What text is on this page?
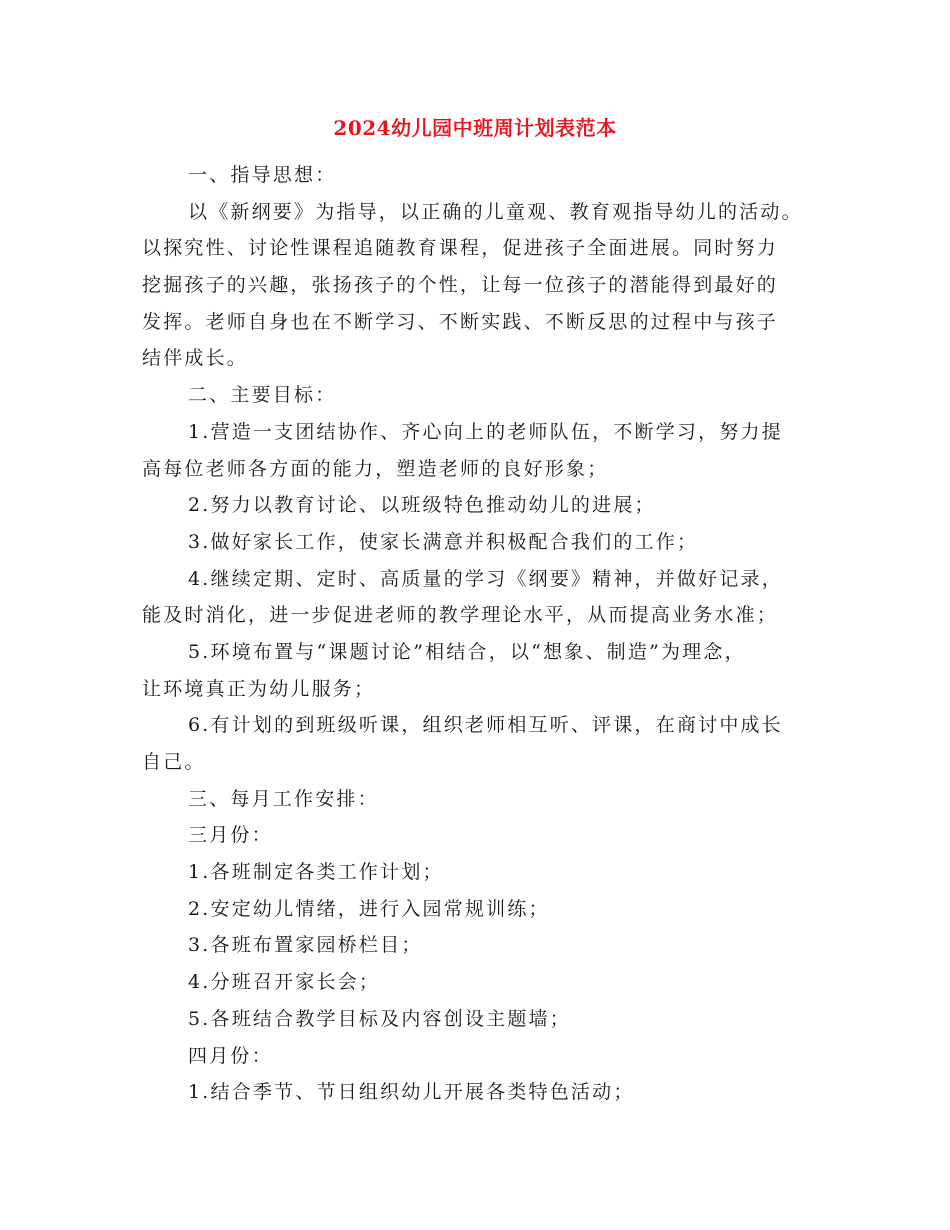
2024幼儿园中班周计划表范本
一、指导思想：
以《新纲要》为指导，以正确的儿童观、教育观指导幼儿的活动。
以探究性、讨论性课程追随教育课程，促进孩子全面进展。同时努力
挖掘孩子的兴趣，张扬孩子的个性，让每一位孩子的潜能得到最好的
发挥。老师自身也在不断学习、不断实践、不断反思的过程中与孩子
结伴成长。
二、主要目标：
1.营造一支团结协作、齐心向上的老师队伍，不断学习，努力提
高每位老师各方面的能力，塑造老师的良好形象；
2.努力以教育讨论、以班级特色推动幼儿的进展；
3.做好家长工作，使家长满意并积极配合我们的工作；
4.继续定期、定时、高质量的学习《纲要》精神，并做好记录，
能及时消化，进一步促进老师的教学理论水平，从而提高业务水准；
5.环境布置与“课题讨论”相结合，以“想象、制造”为理念，
让环境真正为幼儿服务；
6.有计划的到班级听课，组织老师相互听、评课，在商讨中成长
自己。
三、每月工作安排：
三月份：
1.各班制定各类工作计划；
2.安定幼儿情绪，进行入园常规训练；
3.各班布置家园桥栏目；
4.分班召开家长会；
5.各班结合教学目标及内容创设主题墙；
四月份：
1.结合季节、节日组织幼儿开展各类特色活动；
